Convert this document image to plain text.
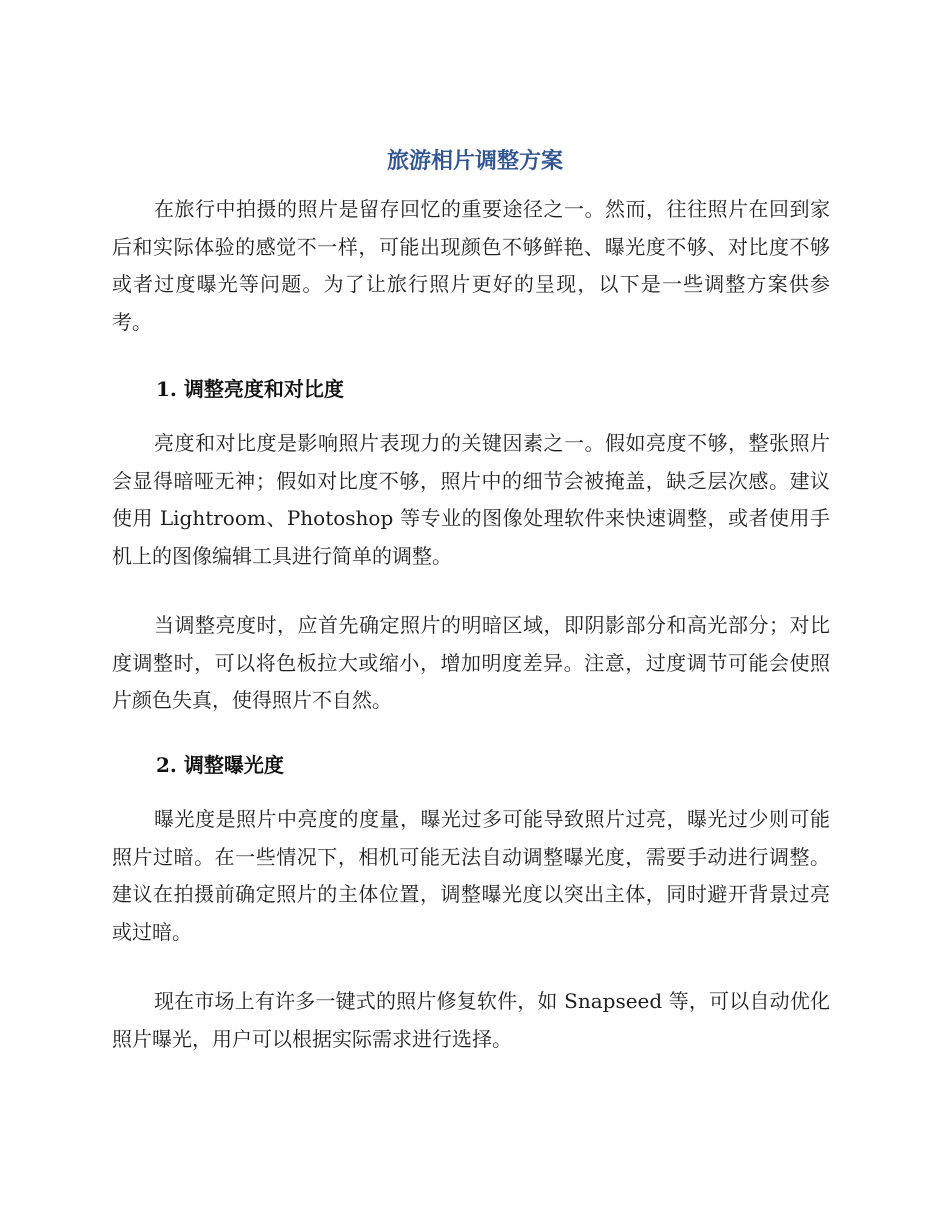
旅游相片调整方案

在旅行中拍摄的照片是留存回忆的重要途径之一。然而，往往照片在回到家后和实际体验的感觉不一样，可能出现颜色不够鲜艳、曝光度不够、对比度不够或者过度曝光等问题。为了让旅行照片更好的呈现，以下是一些调整方案供参考。

1. 调整亮度和对比度

亮度和对比度是影响照片表现力的关键因素之一。假如亮度不够，整张照片会显得暗哑无神；假如对比度不够，照片中的细节会被掩盖，缺乏层次感。建议使用 Lightroom、Photoshop 等专业的图像处理软件来快速调整，或者使用手机上的图像编辑工具进行简单的调整。

当调整亮度时，应首先确定照片的明暗区域，即阴影部分和高光部分；对比度调整时，可以将色板拉大或缩小，增加明度差异。注意，过度调节可能会使照片颜色失真，使得照片不自然。

2. 调整曝光度

曝光度是照片中亮度的度量，曝光过多可能导致照片过亮，曝光过少则可能照片过暗。在一些情况下，相机可能无法自动调整曝光度，需要手动进行调整。建议在拍摄前确定照片的主体位置，调整曝光度以突出主体，同时避开背景过亮或过暗。

现在市场上有许多一键式的照片修复软件，如 Snapseed 等，可以自动优化照片曝光，用户可以根据实际需求进行选择。
